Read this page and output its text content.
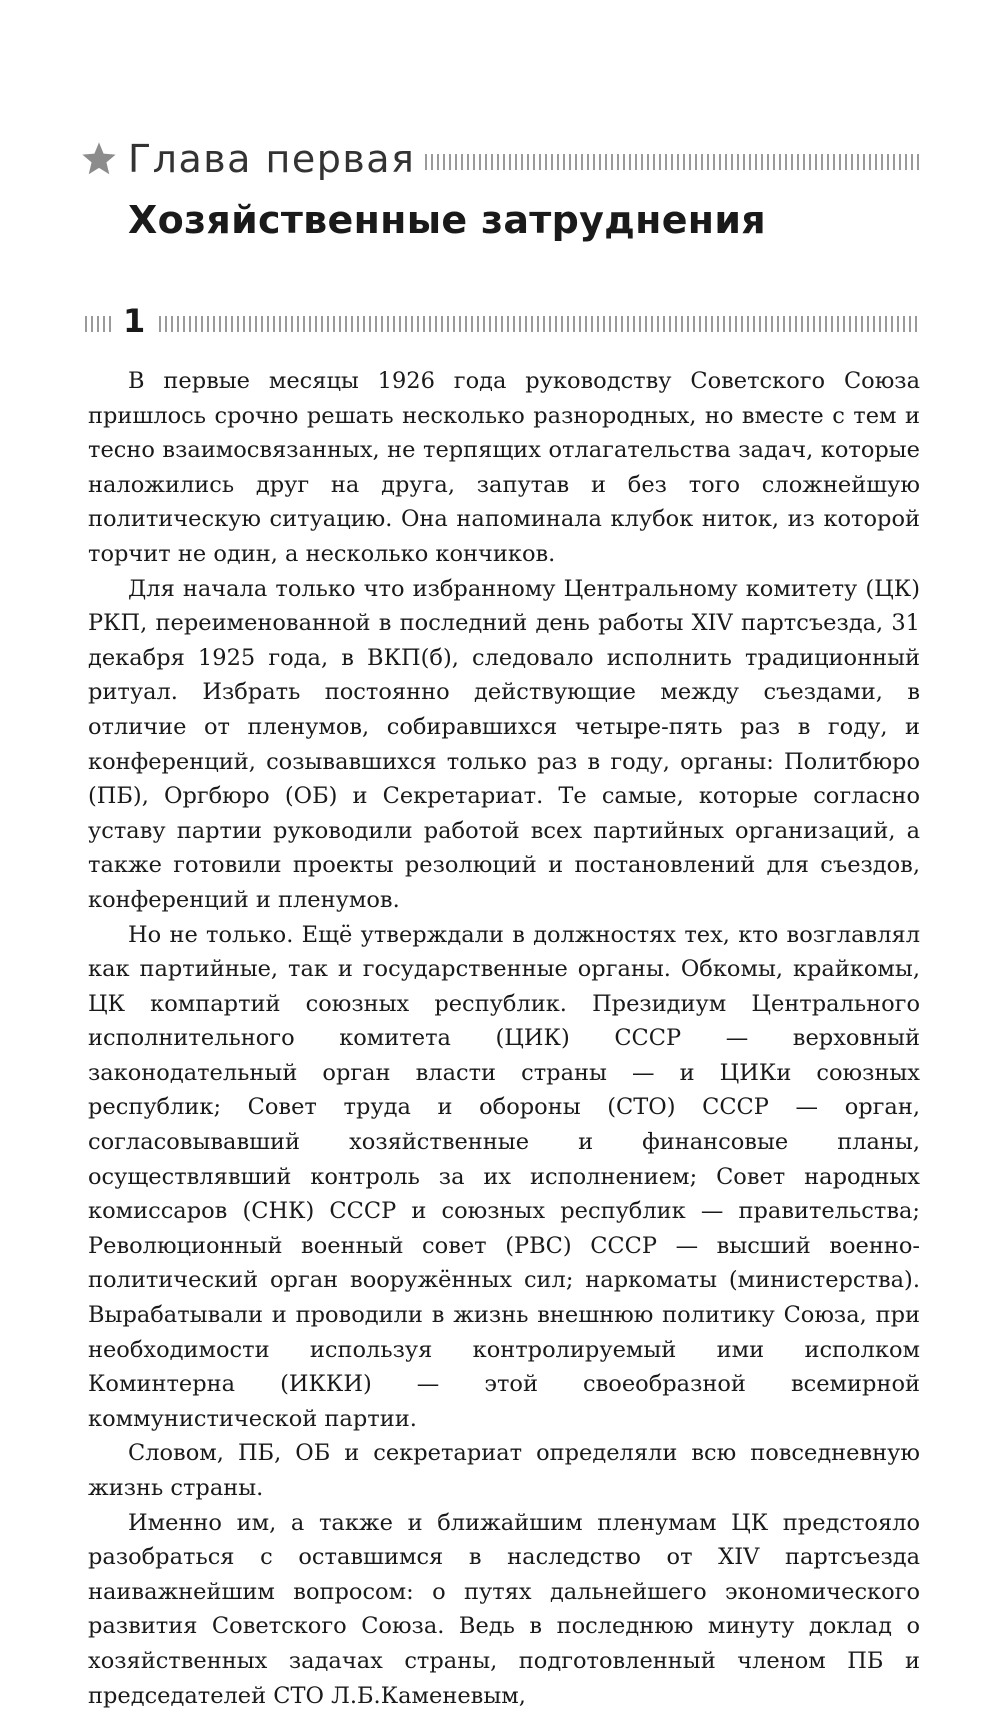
Глава первая
Хозяйственные затруднения
1

В первые месяцы 1926 года руководству Советского Союза пришлось срочно решать несколько разнородных, но вместе с тем и тесно взаимосвязанных, не терпящих отлагательства задач, которые наложились друг на друга, запутав и без того сложнейшую политическую ситуацию. Она напоминала клубок ниток, из которой торчит не один, а несколько кончиков.

Для начала только что избранному Центральному комитету (ЦК) РКП, переименованной в последний день работы XIV партсъезда, 31 декабря 1925 года, в ВКП(б), следовало исполнить традиционный ритуал. Избрать постоянно действующие между съездами, в отличие от пленумов, собиравшихся четыре-пять раз в году, и конференций, созывавшихся только раз в году, органы: Политбюро (ПБ), Оргбюро (ОБ) и Секретариат. Те самые, которые согласно уставу партии руководили работой всех партийных организаций, а также готовили проекты резолюций и постановлений для съездов, конференций и пленумов.

Но не только. Ещё утверждали в должностях тех, кто возглавлял как партийные, так и государственные органы. Обкомы, крайкомы, ЦК компартий союзных республик. Президиум Центрального исполнительного комитета (ЦИК) СССР — верховный законодательный орган власти страны — и ЦИКи союзных республик; Совет труда и обороны (СТО) СССР — орган, согласовывавший хозяйственные и финансовые планы, осуществлявший контроль за их исполнением; Совет народных комиссаров (СНК) СССР и союзных республик — правительства; Революционный военный совет (РВС) СССР — высший военно-политический орган вооружённых сил; наркоматы (министерства). Вырабатывали и проводили в жизнь внешнюю политику Союза, при необходимости используя контролируемый ими исполком Коминтерна (ИККИ) — этой своеобразной всемирной коммунистической партии.

Словом, ПБ, ОБ и секретариат определяли всю повседневную жизнь страны.

Именно им, а также и ближайшим пленумам ЦК предстояло разобраться с оставшимся в наследство от XIV партсъезда наиважнейшим вопросом: о путях дальнейшего экономического развития Советского Союза. Ведь в последнюю минуту доклад о хозяйственных задачах страны, подготовленный членом ПБ и председателей СТО Л.Б.Каменевым,
